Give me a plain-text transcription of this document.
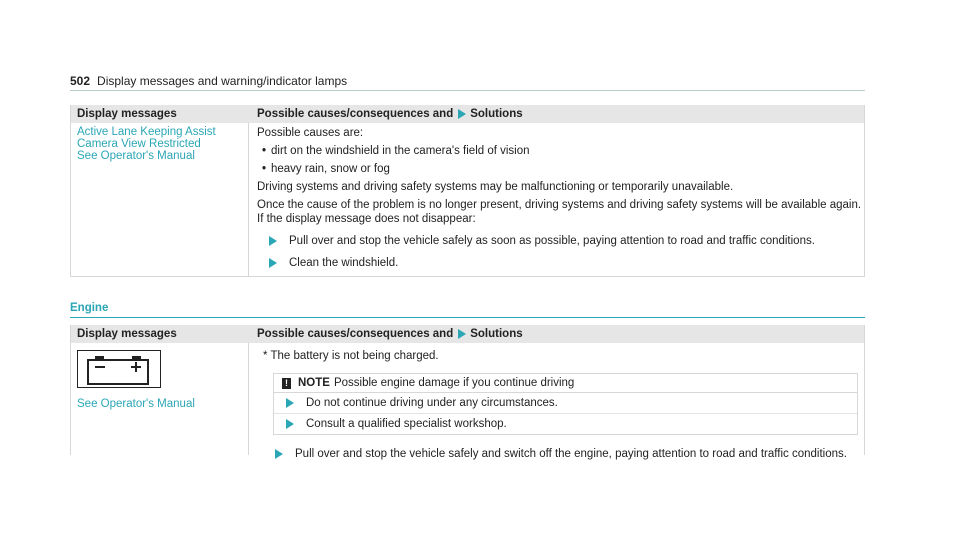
502 Display messages and warning/indicator lamps
Display messages	Possible causes/consequences and Solutions
Active Lane Keeping Assist
Camera View Restricted
See Operator's Manual
Possible causes are:
• dirt on the windshield in the camera's field of vision
• heavy rain, snow or fog
Driving systems and driving safety systems may be malfunctioning or temporarily unavailable.
Once the cause of the problem is no longer present, driving systems and driving safety systems will be available again.
If the display message does not disappear:
Pull over and stop the vehicle safely as soon as possible, paying attention to road and traffic conditions.
Clean the windshield.
Engine
Display messages	Possible causes/consequences and Solutions
See Operator's Manual
* The battery is not being charged.
! NOTE Possible engine damage if you continue driving
Do not continue driving under any circumstances.
Consult a qualified specialist workshop.
Pull over and stop the vehicle safely and switch off the engine, paying attention to road and traffic conditions.
